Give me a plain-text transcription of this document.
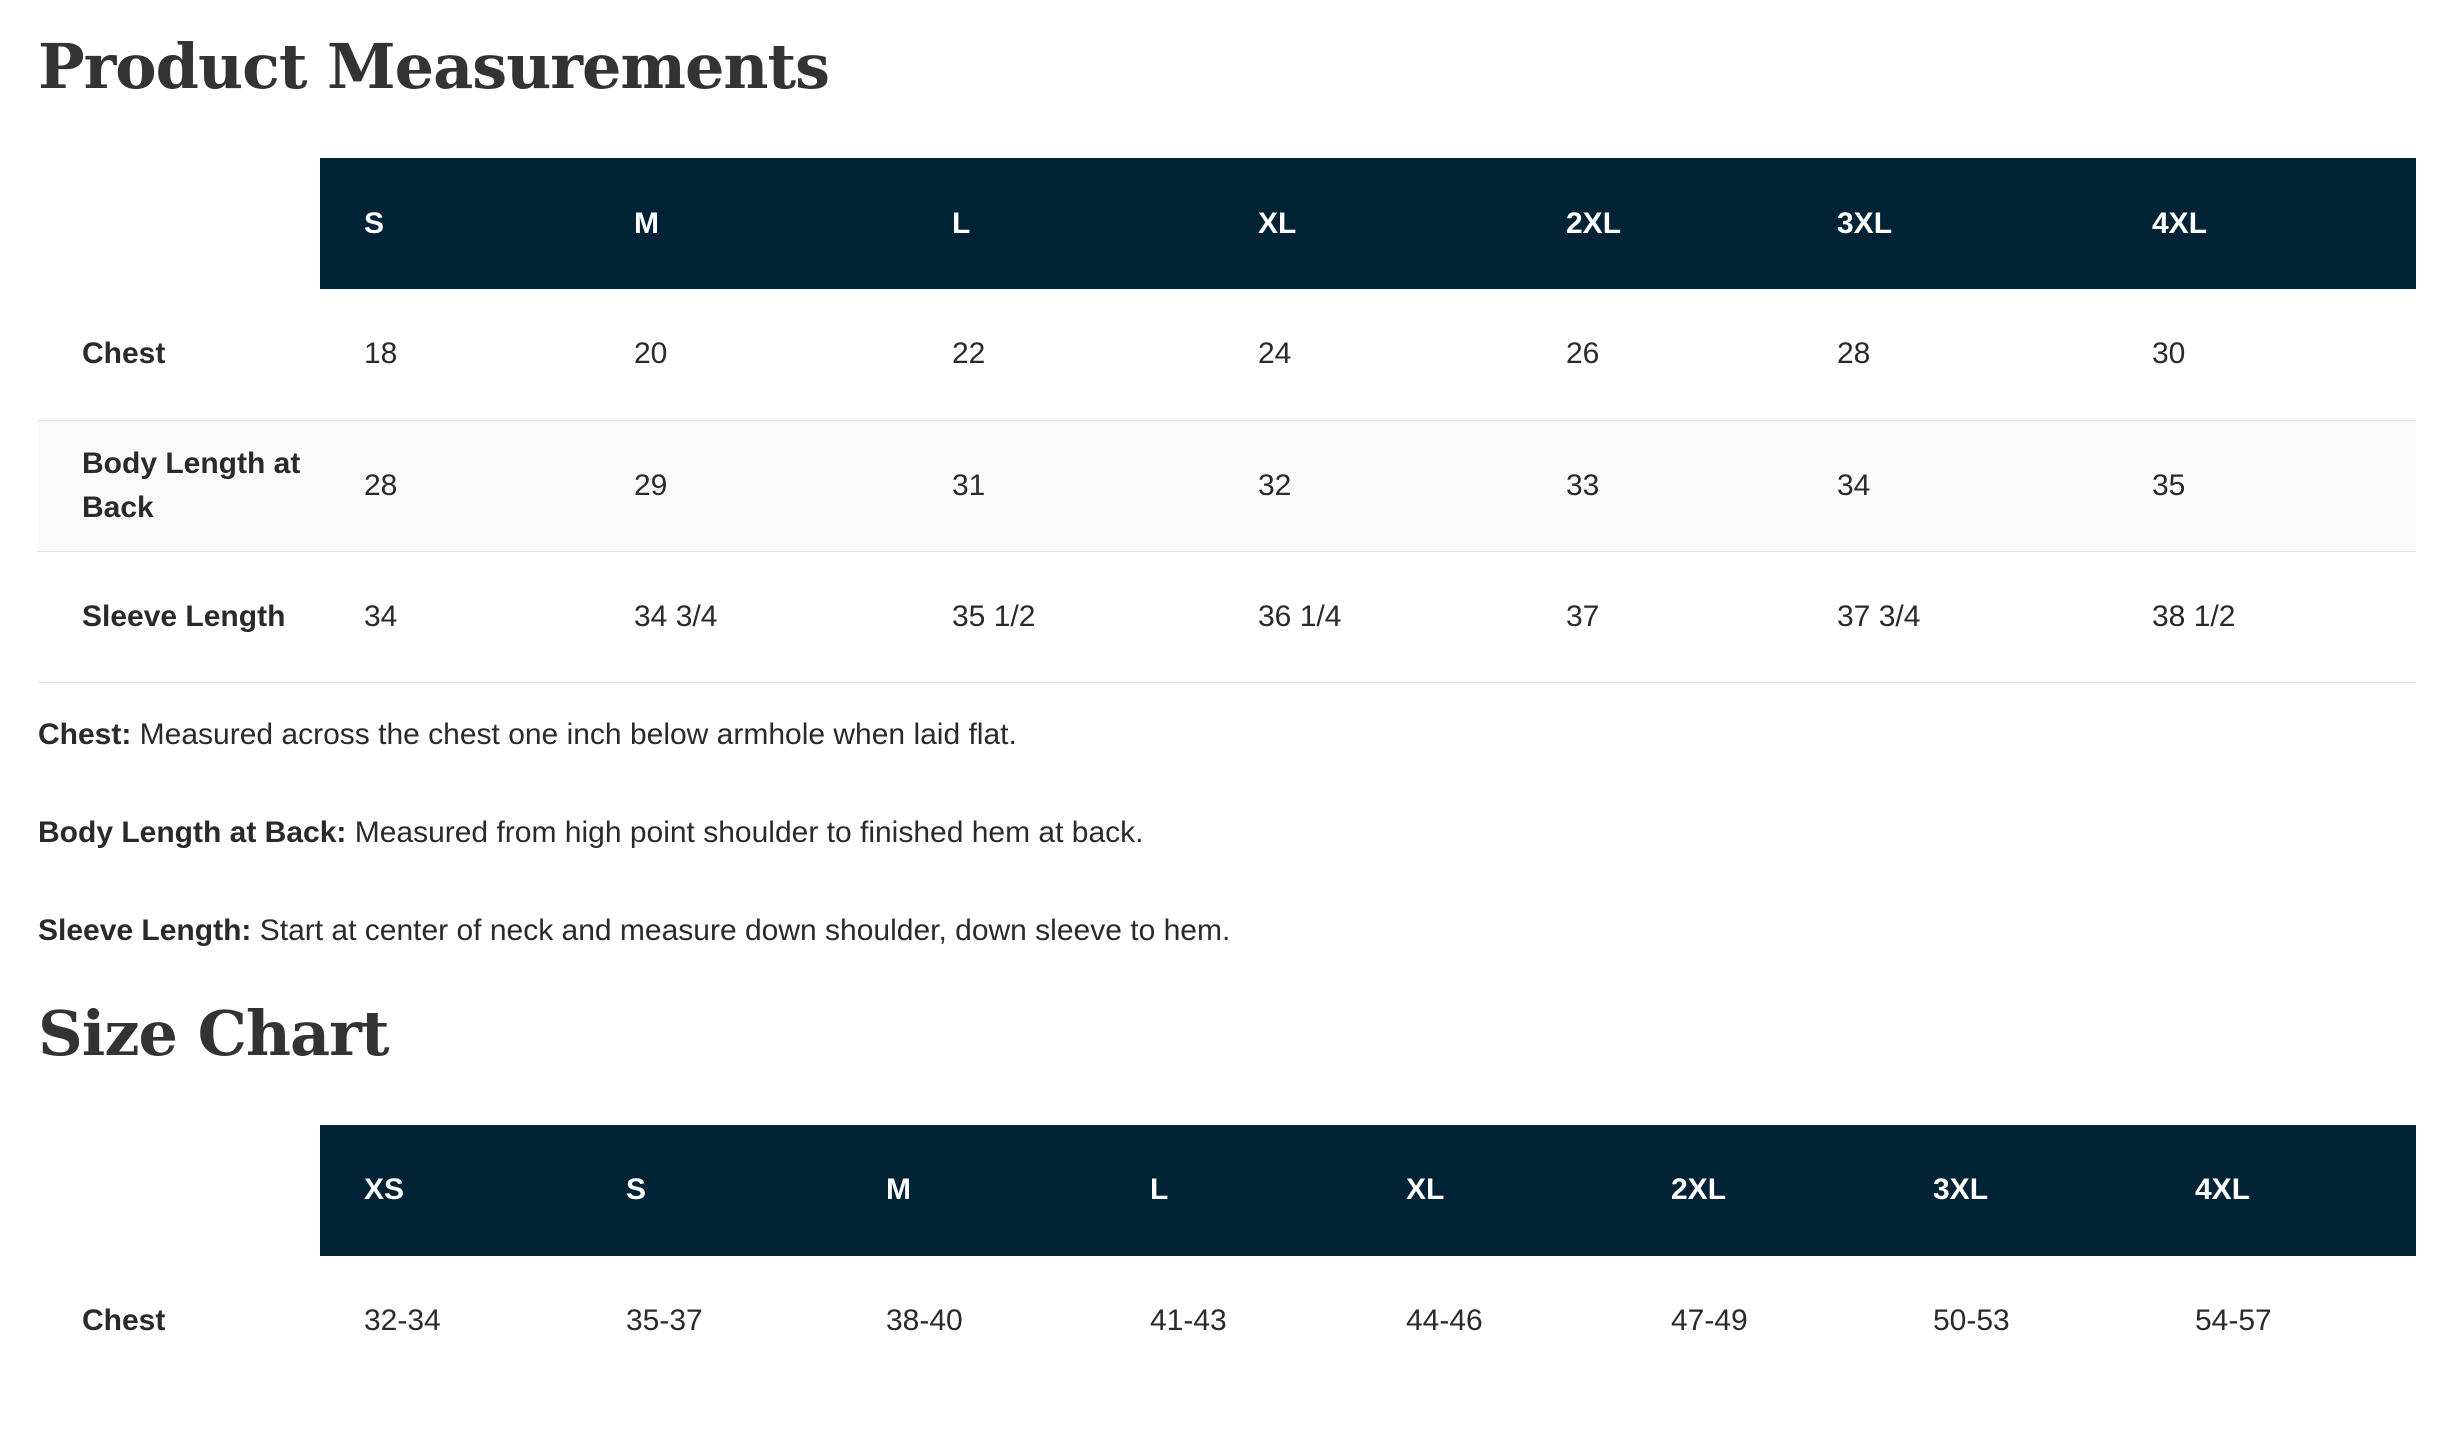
Product Measurements
	S	M	L	XL	2XL	3XL	4XL
Chest	18	20	22	24	26	28	30
Body Length at Back	28	29	31	32	33	34	35
Sleeve Length	34	34 3/4	35 1/2	36 1/4	37	37 3/4	38 1/2

Chest: Measured across the chest one inch below armhole when laid flat.

Body Length at Back: Measured from high point shoulder to finished hem at back.

Sleeve Length: Start at center of neck and measure down shoulder, down sleeve to hem.

Size Chart
	XS	S	M	L	XL	2XL	3XL	4XL
Chest	32-34	35-37	38-40	41-43	44-46	47-49	50-53	54-57
